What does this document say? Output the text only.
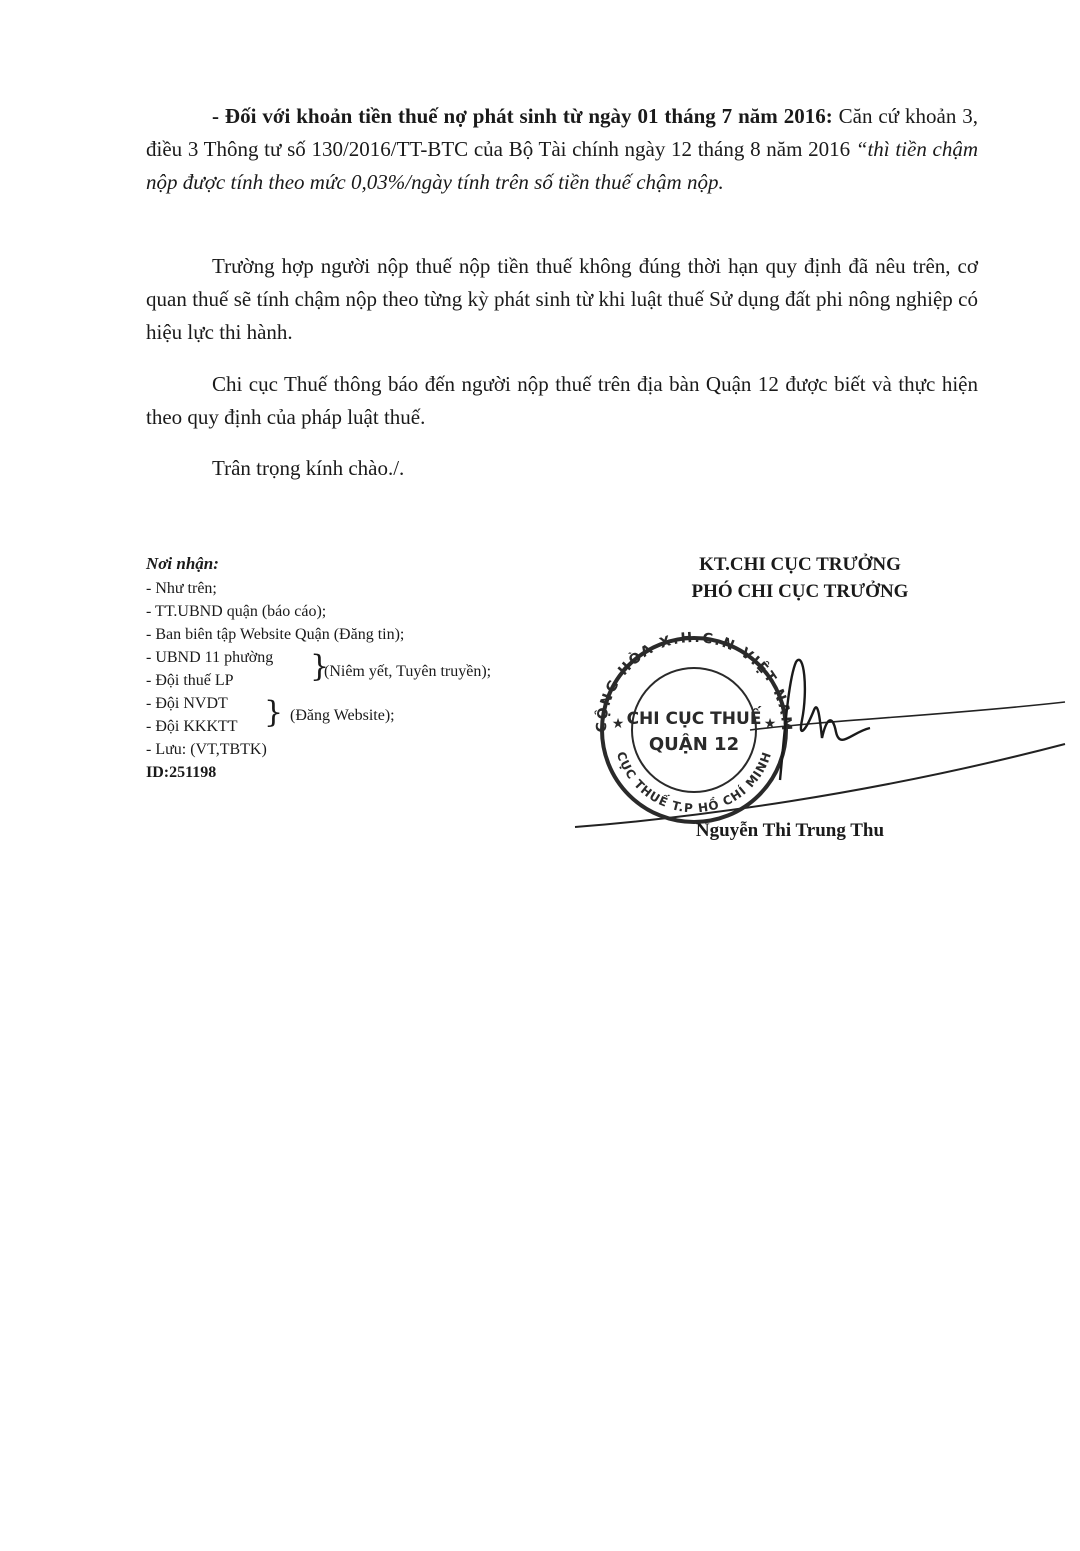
- Đối với khoản tiền thuế nợ phát sinh từ ngày 01 tháng 7 năm 2016: Căn cứ khoản 3, điều 3 Thông tư số 130/2016/TT-BTC của Bộ Tài chính ngày 12 tháng 8 năm 2016 “thì tiền chậm nộp được tính theo mức 0,03%/ngày tính trên số tiền thuế chậm nộp.
Trường hợp người nộp thuế nộp tiền thuế không đúng thời hạn quy định đã nêu trên, cơ quan thuế sẽ tính chậm nộp theo từng kỳ phát sinh từ khi luật thuế Sử dụng đất phi nông nghiệp có hiệu lực thi hành.
Chi cục Thuế thông báo đến người nộp thuế trên địa bàn Quận 12 được biết và thực hiện theo quy định của pháp luật thuế.
Trân trọng kính chào./.
Nơi nhận:
- Như trên;
- TT.UBND quận (báo cáo);
- Ban biên tập Website Quận (Đăng tin);
- UBND 11 phường
- Đội thuế LP	}
(Niêm yết, Tuyên truyền);
- Đội NVDT
- Đội KKKTT } (Đăng Website);
- Lưu: (VT,TBTK)
ID:251198
KT.CHI CỤC TRƯỞNG
PHÓ CHI CỤC TRƯỞNG
CỘNG HÒA X.H.C.N VIỆT NAM
CỤC THUẾ T.P HỒ CHÍ MINH
CHI CỤC THUẾ
QUẬN 12
★	★
Nguyễn Thi Trung Thu
